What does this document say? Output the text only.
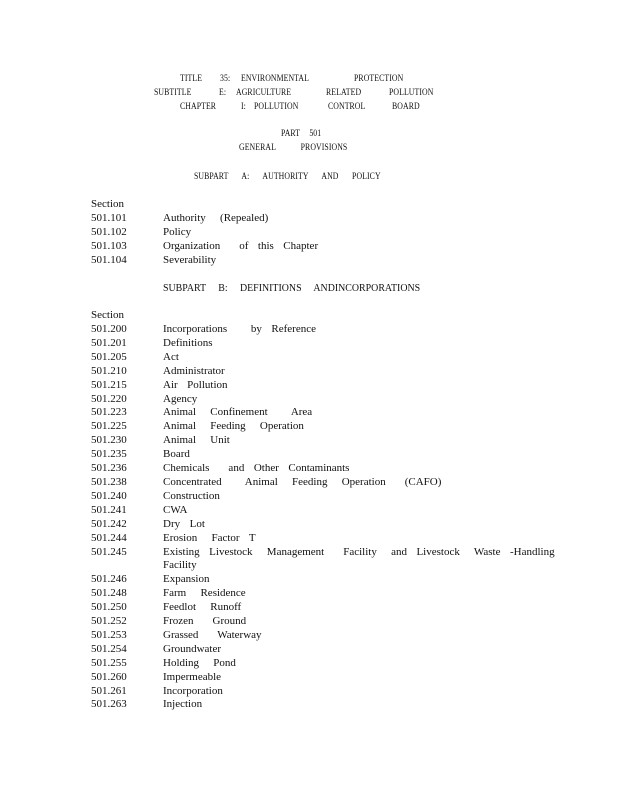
TITLE 35: ENVIRONMENTAL	PROTECTION
SUBTITLE	E: AGRICULTURE	RELATED	POLLUTION
CHAPTER	I: POLLUTION	CONTROL	BOARD
PART 501
GENERAL PROVISIONS
SUBPART A: AUTHORITY AND POLICY
Section
501.101	Authority   (Repealed)
501.102	Policy
501.103	Organization    of  this  Chapter
501.104	Severability
SUBPART B: DEFINITIONS ANDINCORPORATIONS
Section
501.200	Incorporations     by  Reference
501.201	Definitions
501.205	Act
501.210	Administrator
501.215	Air  Pollution
501.220	Agency
501.223	Animal   Confinement     Area
501.225	Animal   Feeding   Operation
501.230	Animal   Unit
501.235	Board
501.236	Chemicals    and  Other  Contaminants
501.238	Concentrated     Animal   Feeding   Operation    (CAFO)
501.240	Construction
501.241	CWA
501.242	Dry  Lot
501.244	Erosion   Factor  T
501.245	Existing  Livestock   Management    Facility   and  Livestock   Waste  -Handling
Facility
501.246	Expansion
501.248	Farm   Residence
501.250	Feedlot   Runoff
501.252	Frozen    Ground
501.253	Grassed    Waterway
501.254	Groundwater
501.255	Holding   Pond
501.260	Impermeable
501.261	Incorporation
501.263	Injection
